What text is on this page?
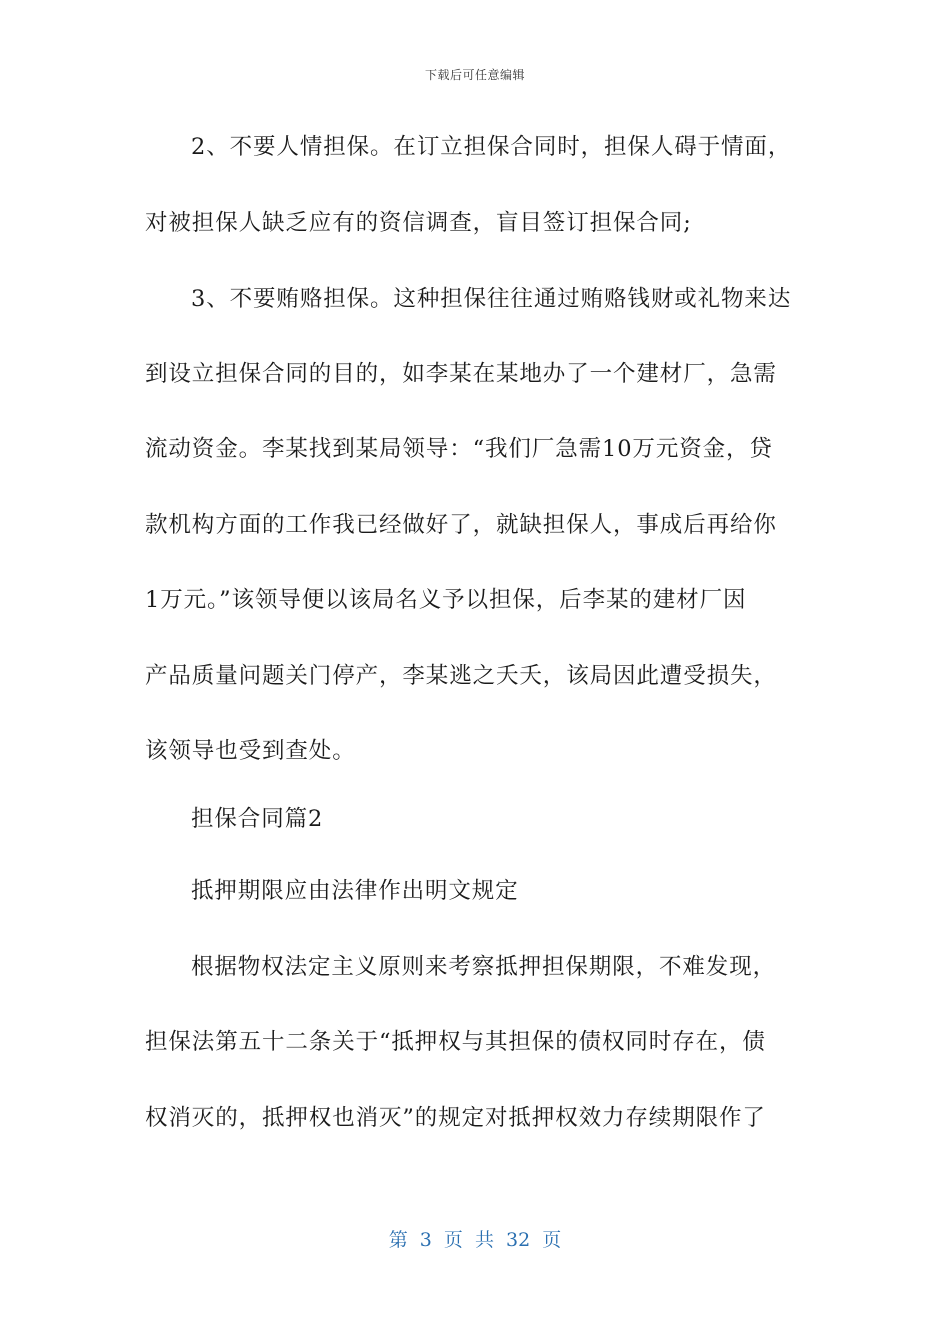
下载后可任意编辑
2、不要人情担保。在订立担保合同时，担保人碍于情面，
对被担保人缺乏应有的资信调查，盲目签订担保合同;
3、不要贿赂担保。这种担保往往通过贿赂钱财或礼物来达
到设立担保合同的目的，如李某在某地办了一个建材厂，急需
流动资金。李某找到某局领导：“我们厂急需10万元资金，贷
款机构方面的工作我已经做好了，就缺担保人，事成后再给你
1万元。”该领导便以该局名义予以担保，后李某的建材厂因
产品质量问题关门停产，李某逃之夭夭，该局因此遭受损失，
该领导也受到查处。
担保合同篇2
抵押期限应由法律作出明文规定
根据物权法定主义原则来考察抵押担保期限，不难发现，
担保法第五十二条关于“抵押权与其担保的债权同时存在，债
权消灭的，抵押权也消灭”的规定对抵押权效力存续期限作了
第 3 页 共 32 页
